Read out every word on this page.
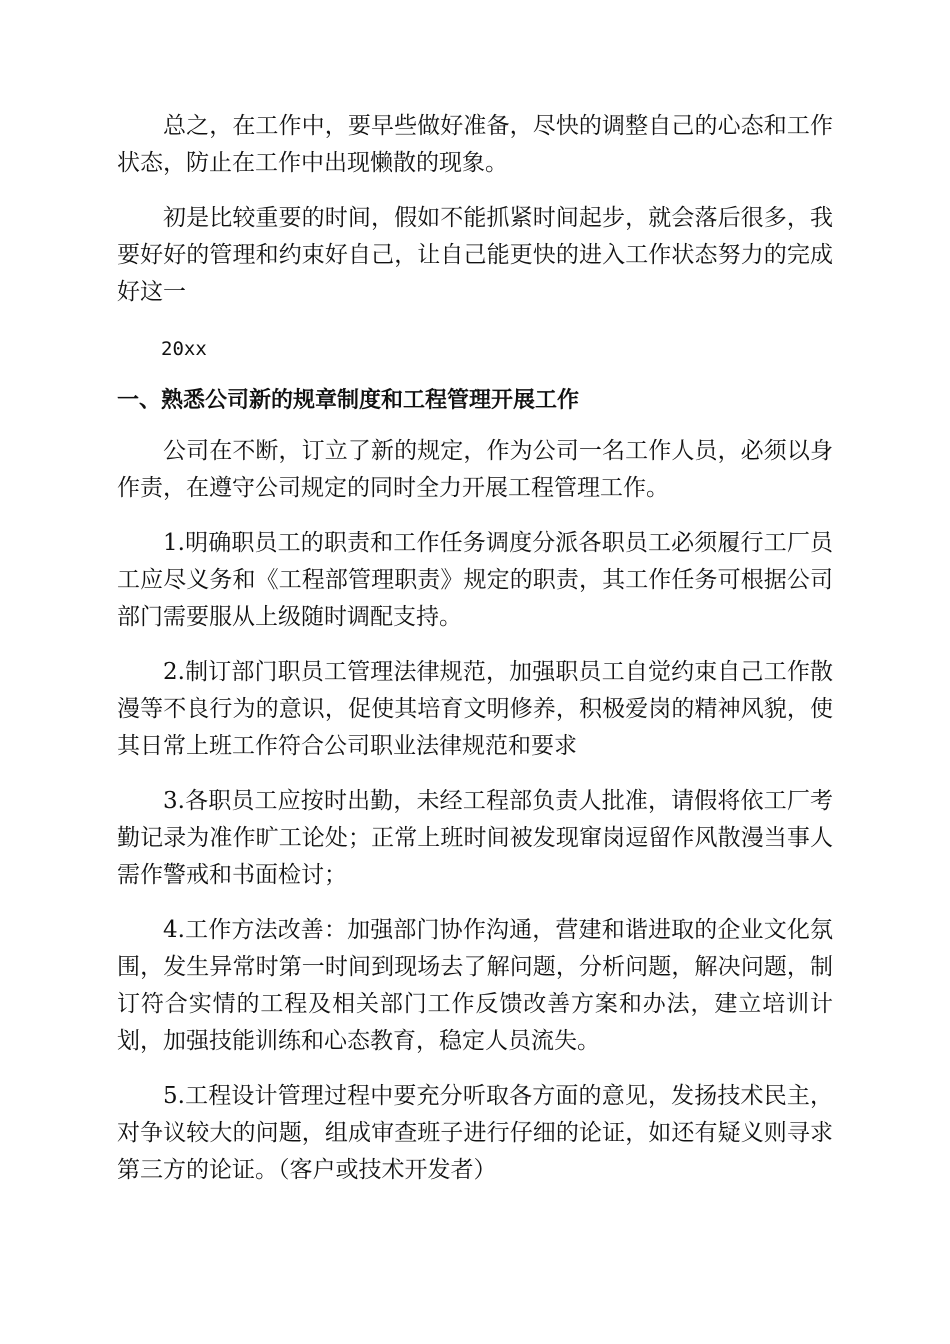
总之，在工作中，要早些做好准备，尽快的调整自己的心态和工作状态，防止在工作中出现懒散的现象。

初是比较重要的时间，假如不能抓紧时间起步，就会落后很多，我要好好的管理和约束好自己，让自己能更快的进入工作状态努力的完成好这一

20xx

一、熟悉公司新的规章制度和工程管理开展工作

公司在不断，订立了新的规定，作为公司一名工作人员，必须以身作责，在遵守公司规定的同时全力开展工程管理工作。

1.明确职员工的职责和工作任务调度分派各职员工必须履行工厂员工应尽义务和《工程部管理职责》规定的职责，其工作任务可根据公司部门需要服从上级随时调配支持。

2.制订部门职员工管理法律规范，加强职员工自觉约束自己工作散漫等不良行为的意识，促使其培育文明修养，积极爱岗的精神风貌，使其日常上班工作符合公司职业法律规范和要求

3.各职员工应按时出勤，未经工程部负责人批准，请假将依工厂考勤记录为准作旷工论处；正常上班时间被发现窜岗逗留作风散漫当事人需作警戒和书面检讨；

4.工作方法改善：加强部门协作沟通，营建和谐进取的企业文化氛围，发生异常时第一时间到现场去了解问题，分析问题，解决问题，制订符合实情的工程及相关部门工作反馈改善方案和办法，建立培训计划，加强技能训练和心态教育，稳定人员流失。

5.工程设计管理过程中要充分听取各方面的意见，发扬技术民主，对争议较大的问题，组成审查班子进行仔细的论证，如还有疑义则寻求第三方的论证。（客户或技术开发者）
